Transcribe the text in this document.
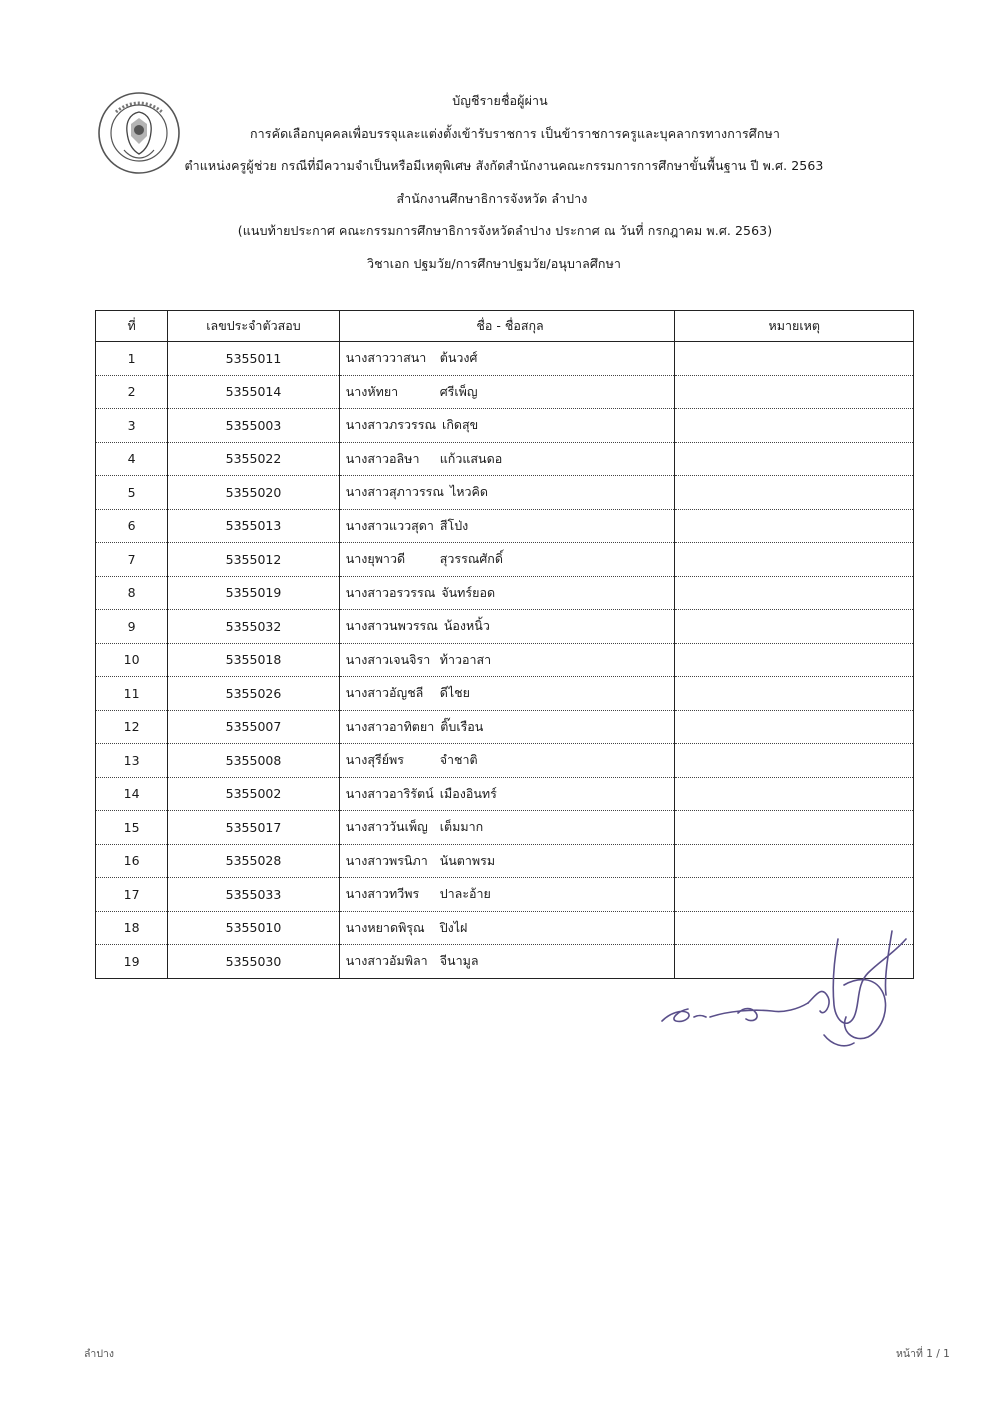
บัญชีรายชื่อผู้ผ่าน
การคัดเลือกบุคคลเพื่อบรรจุและแต่งตั้งเข้ารับราชการ เป็นข้าราชการครูและบุคลากรทางการศึกษา
ตำแหน่งครูผู้ช่วย กรณีที่มีความจำเป็นหรือมีเหตุพิเศษ สังกัดสำนักงานคณะกรรมการการศึกษาขั้นพื้นฐาน ปี พ.ศ. 2563
สำนักงานศึกษาธิการจังหวัด ลำปาง
(แนบท้ายประกาศ คณะกรรมการศึกษาธิการจังหวัดลำปาง ประกาศ ณ วันที่ กรกฎาคม พ.ศ. 2563)
วิชาเอก ปฐมวัย/การศึกษาปฐมวัย/อนุบาลศึกษา
ที่	เลขประจำตัวสอบ	ชื่อ - ชื่อสกุล	หมายเหตุ
1	5355011	นางสาววาสนา ต้นวงศ์	
2	5355014	นางหัทยา ศรีเพ็ญ	
3	5355003	นางสาวภรวรรณ เกิดสุข	
4	5355022	นางสาวอลิษา แก้วแสนดอ	
5	5355020	นางสาวสุภาวรรณ ไหวคิด	
6	5355013	นางสาวแววสุดา สีโป่ง	
7	5355012	นางยุพาวดี สุวรรณศักดิ์	
8	5355019	นางสาวอรวรรณ จันทร์ยอด	
9	5355032	นางสาวนพวรรณ น้องหนิ้ว	
10	5355018	นางสาวเจนจิรา ท้าวอาสา	
11	5355026	นางสาวอัญชลี ดีไชย	
12	5355007	นางสาวอาทิตยา ติ๊บเรือน	
13	5355008	นางสุรีย์พร จำชาติ	
14	5355002	นางสาวอาริรัตน์ เมืองอินทร์	
15	5355017	นางสาววันเพ็ญ เต็มมาก	
16	5355028	นางสาวพรนิภา นันตาพรม	
17	5355033	นางสาวทวีพร ปาละอ้าย	
18	5355010	นางหยาดพิรุณ ปิงไฝ	
19	5355030	นางสาวอัมพิลา จีนามูล	
ลำปาง	หน้าที่ 1 / 1
